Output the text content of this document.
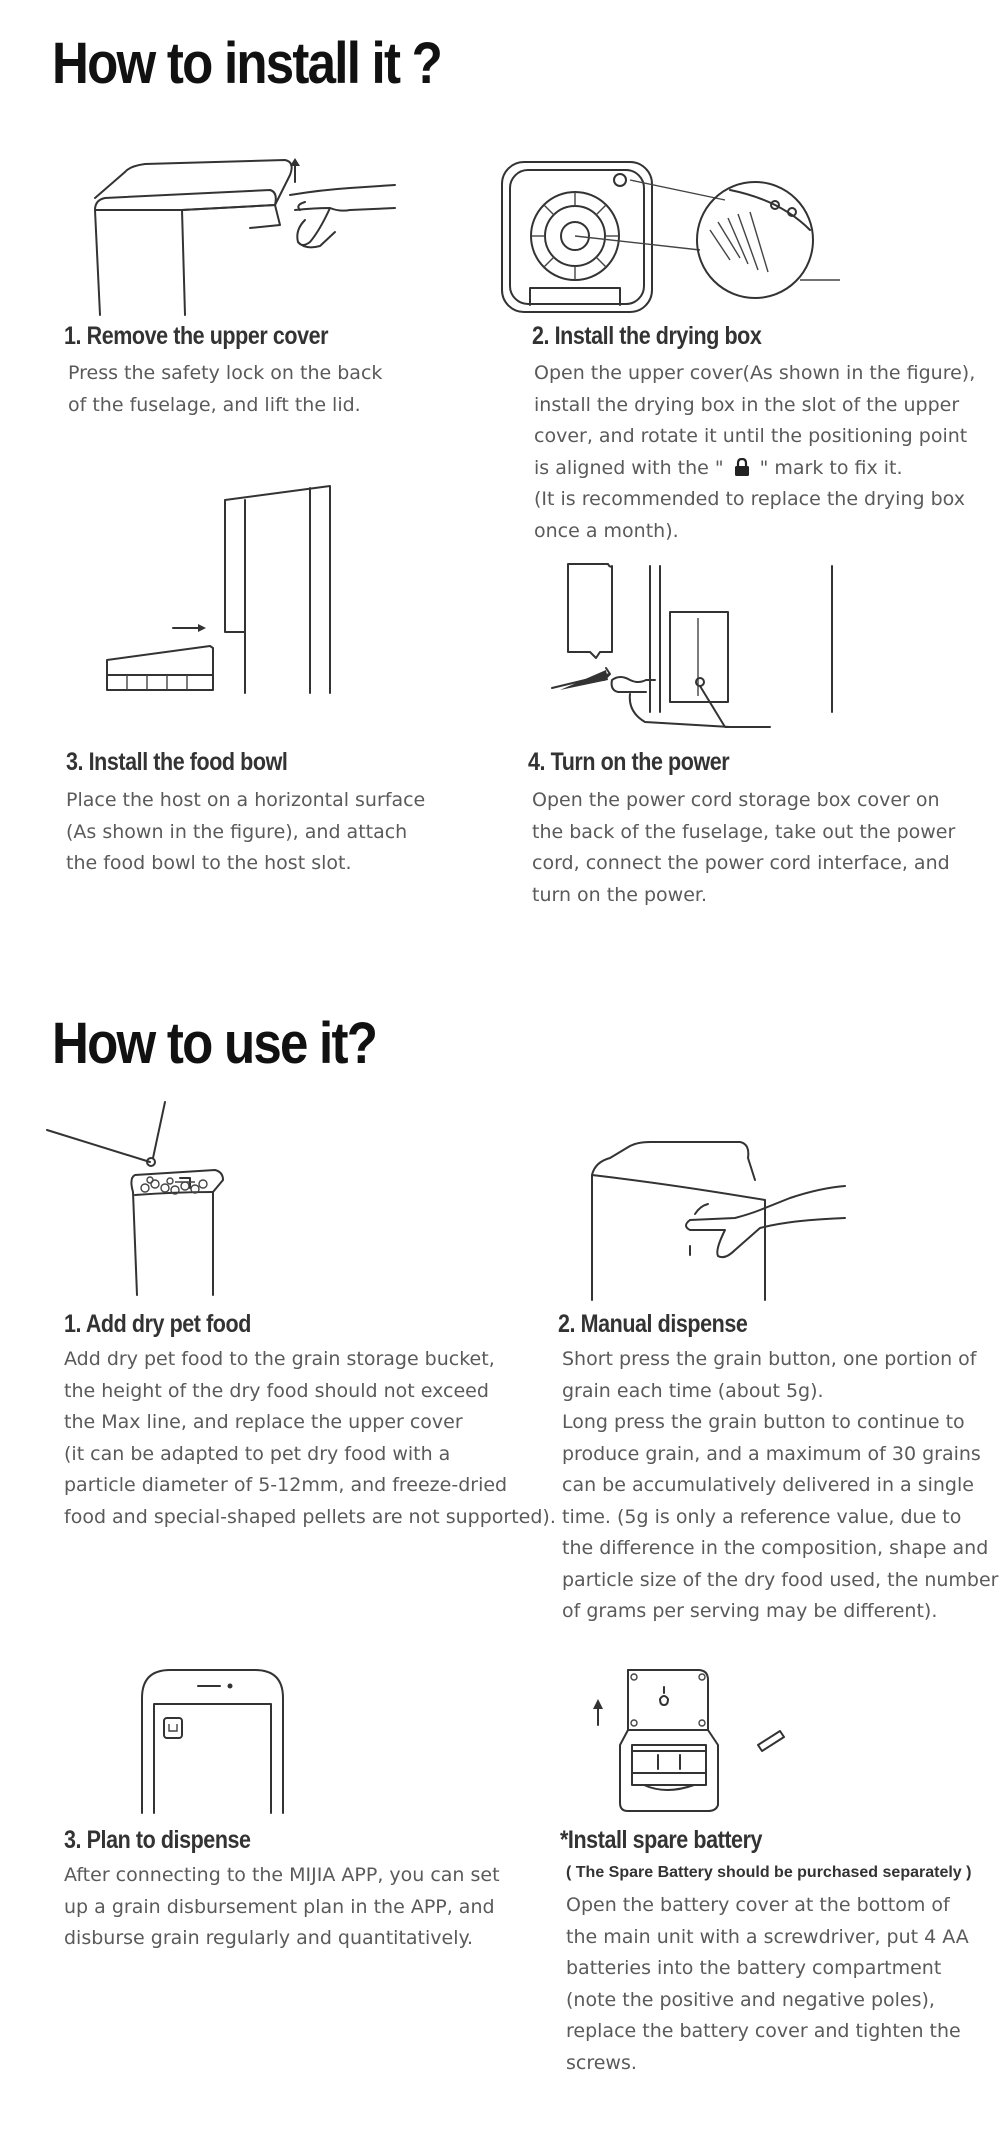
How to install it ?
1. Remove the upper cover
Press the safety lock on the back
of the fuselage, and lift the lid.
2. Install the drying box
Open the upper cover(As shown in the figure),
install the drying box in the slot of the upper
cover, and rotate it until the positioning point
is aligned with the " " mark to fix it.
(It is recommended to replace the drying box
once a month).
3. Install the food bowl
Place the host on a horizontal surface
(As shown in the figure), and attach
the food bowl to the host slot.
4. Turn on the power
Open the power cord storage box cover on
the back of the fuselage, take out the power
cord, connect the power cord interface, and
turn on the power.
How to use it?
1. Add dry pet food
Add dry pet food to the grain storage bucket,
the height of the dry food should not exceed
the Max line, and replace the upper cover
(it can be adapted to pet dry food with a
particle diameter of 5-12mm, and freeze-dried
food and special-shaped pellets are not supported).
2. Manual dispense
Short press the grain button, one portion of
grain each time (about 5g).
Long press the grain button to continue to
produce grain, and a maximum of 30 grains
can be accumulatively delivered in a single
time. (5g is only a reference value, due to
the difference in the composition, shape and
particle size of the dry food used, the number
of grams per serving may be different).
3. Plan to dispense
After connecting to the MIJIA APP, you can set
up a grain disbursement plan in the APP, and
disburse grain regularly and quantitatively.
*Install spare battery

( The Spare Battery should be purchased separately )

Open the battery cover at the bottom of
the main unit with a screwdriver, put 4 AA
batteries into the battery compartment
(note the positive and negative poles),
replace the battery cover and tighten the
screws.
